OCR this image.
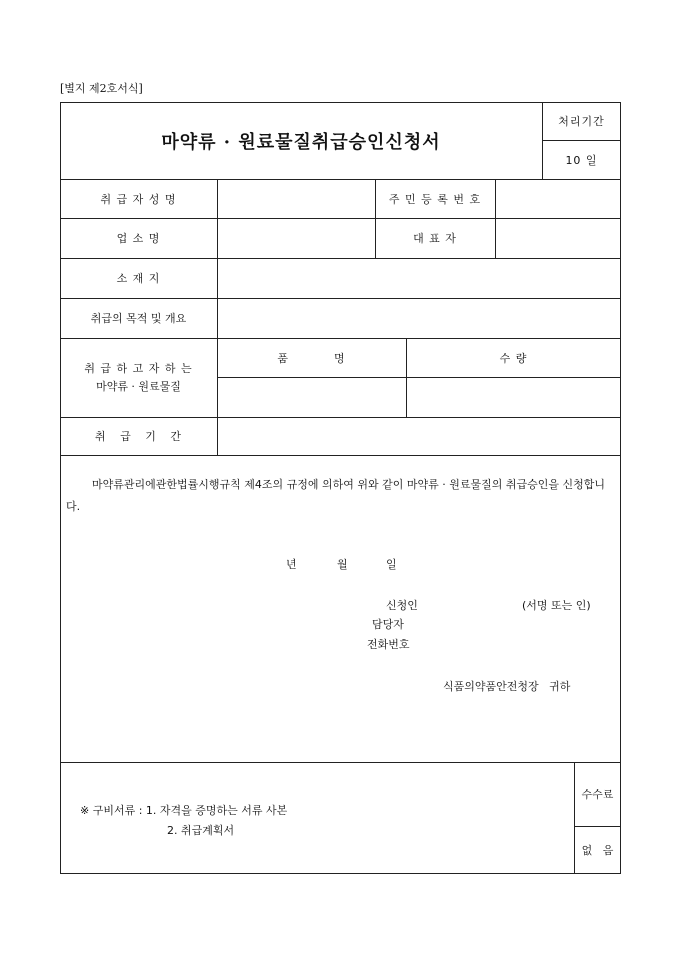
[별지 제2호서식]
마약류 · 원료물질취급승인신청서
처리기간
10 일
취 급 자 성 명	주 민 등 록 번 호
업 소 명	대 표 자
소 재 지
취급의 목적 및 개요
취 급 하 고 자 하 는
마약류 · 원료물질
품          명	수 량
취   급   기   간
마약류관리에관한법률시행규칙 제4조의 규정에 의하여 위와 같이 마약류 · 원료물질의 취급승인을 신청합니다.
년	월	일
신청인	(서명 또는 인)
담당자
전화번호
식품의약품안전청장   귀하
※ 구비서류 : 1. 자격을 증명하는 서류 사본
2. 취급계획서
수수료
없   음
